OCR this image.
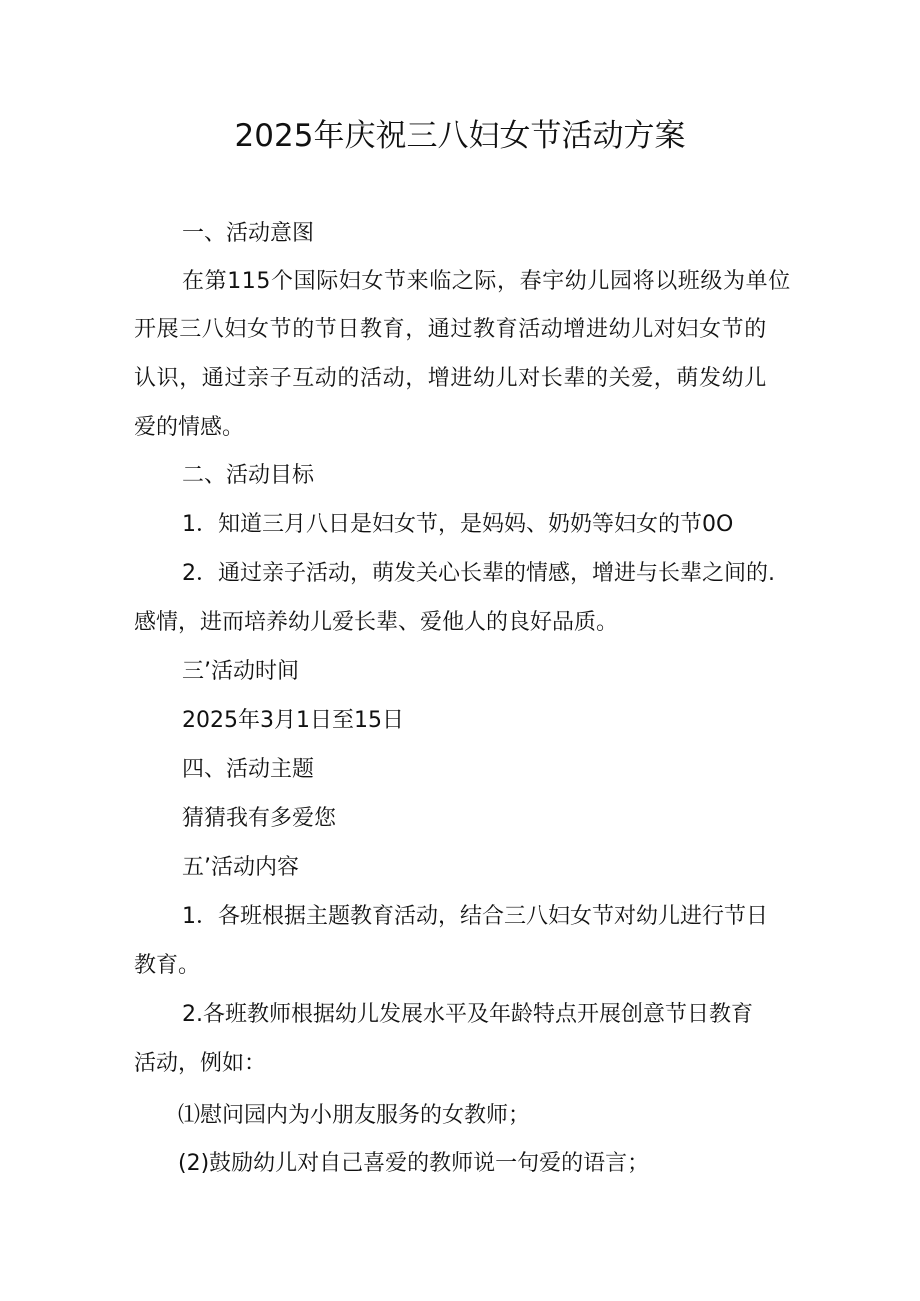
2025年庆祝三八妇女节活动方案
一、活动意图
在第115个国际妇女节来临之际，春宇幼儿园将以班级为单位
开展三八妇女节的节日教育，通过教育活动增进幼儿对妇女节的
认识，通过亲子互动的活动，增进幼儿对长辈的关爱，萌发幼儿
爱的情感。
二、活动目标
1．知道三月八日是妇女节，是妈妈、奶奶等妇女的节0O
2．通过亲子活动，萌发关心长辈的情感，增进与长辈之间的.
感情，进而培养幼儿爱长辈、爱他人的良好品质。
三’活动时间
2025年3月1日至15日
四、活动主题
猜猜我有多爱您
五’活动内容
1．各班根据主题教育活动，结合三八妇女节对幼儿进行节日
教育。
2.各班教师根据幼儿发展水平及年龄特点开展创意节日教育
活动，例如：
⑴慰问园内为小朋友服务的女教师；
(2)鼓励幼儿对自己喜爱的教师说一句爱的语言；
